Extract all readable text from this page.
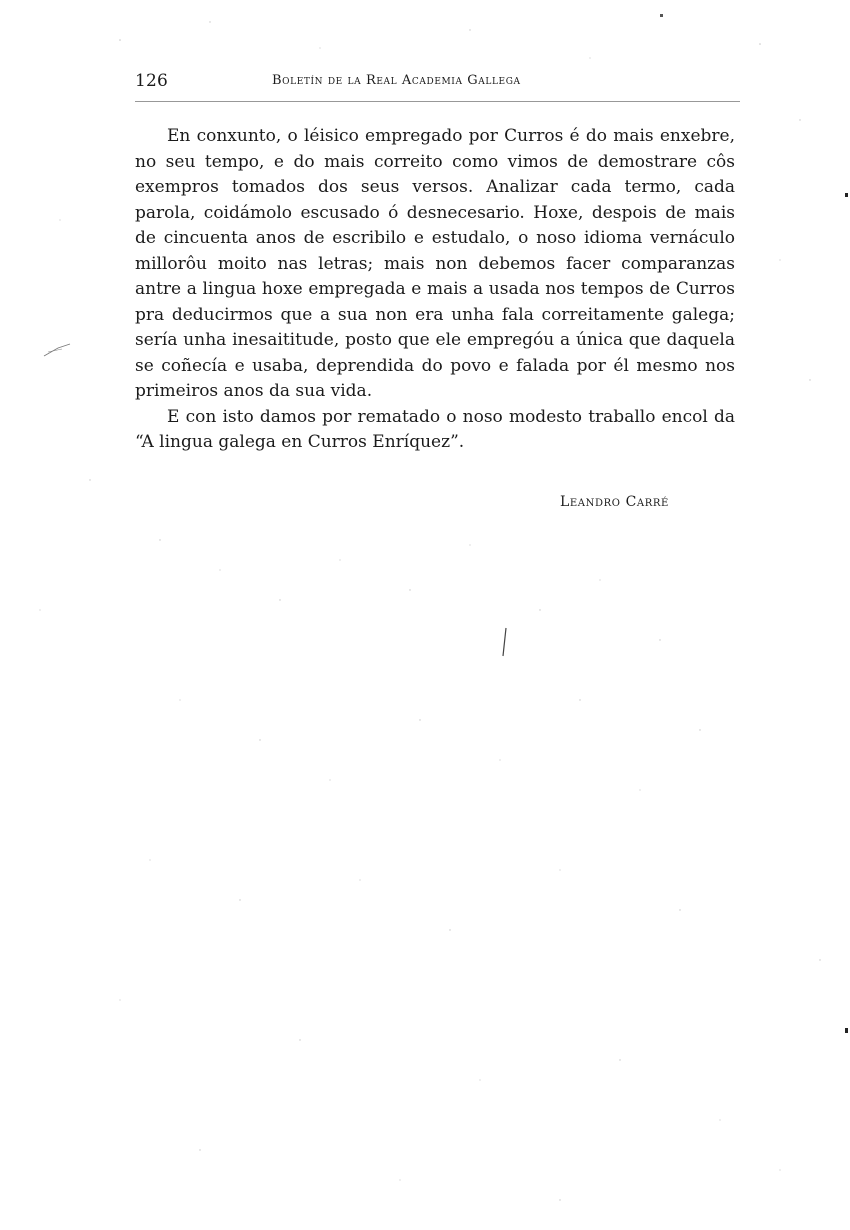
126	Boletín de la Real Academia Gallega

En conxunto, o léisico empregado por Curros é do mais enxebre, no seu tempo, e do mais correito como vimos de demostrare côs exempros tomados dos seus versos. Analizar cada termo, cada parola, coidámolo escusado ó desnecesario. Hoxe, despois de mais de cincuenta anos de escribilo e estudalo, o noso idioma vernáculo millorôu moito nas letras; mais non debemos facer comparanzas antre a lingua hoxe empregada e mais a usada nos tempos de Curros pra deducirmos que a sua non era unha fala correitamente galega; sería unha inesaititude, posto que ele empregóu a única que daquela se coñecía e usaba, deprendida do povo e falada por él mesmo nos primeiros anos da sua vida.

E con isto damos por rematado o noso modesto traballo encol da “A lingua galega en Curros Enríquez”.

Leandro Carré
